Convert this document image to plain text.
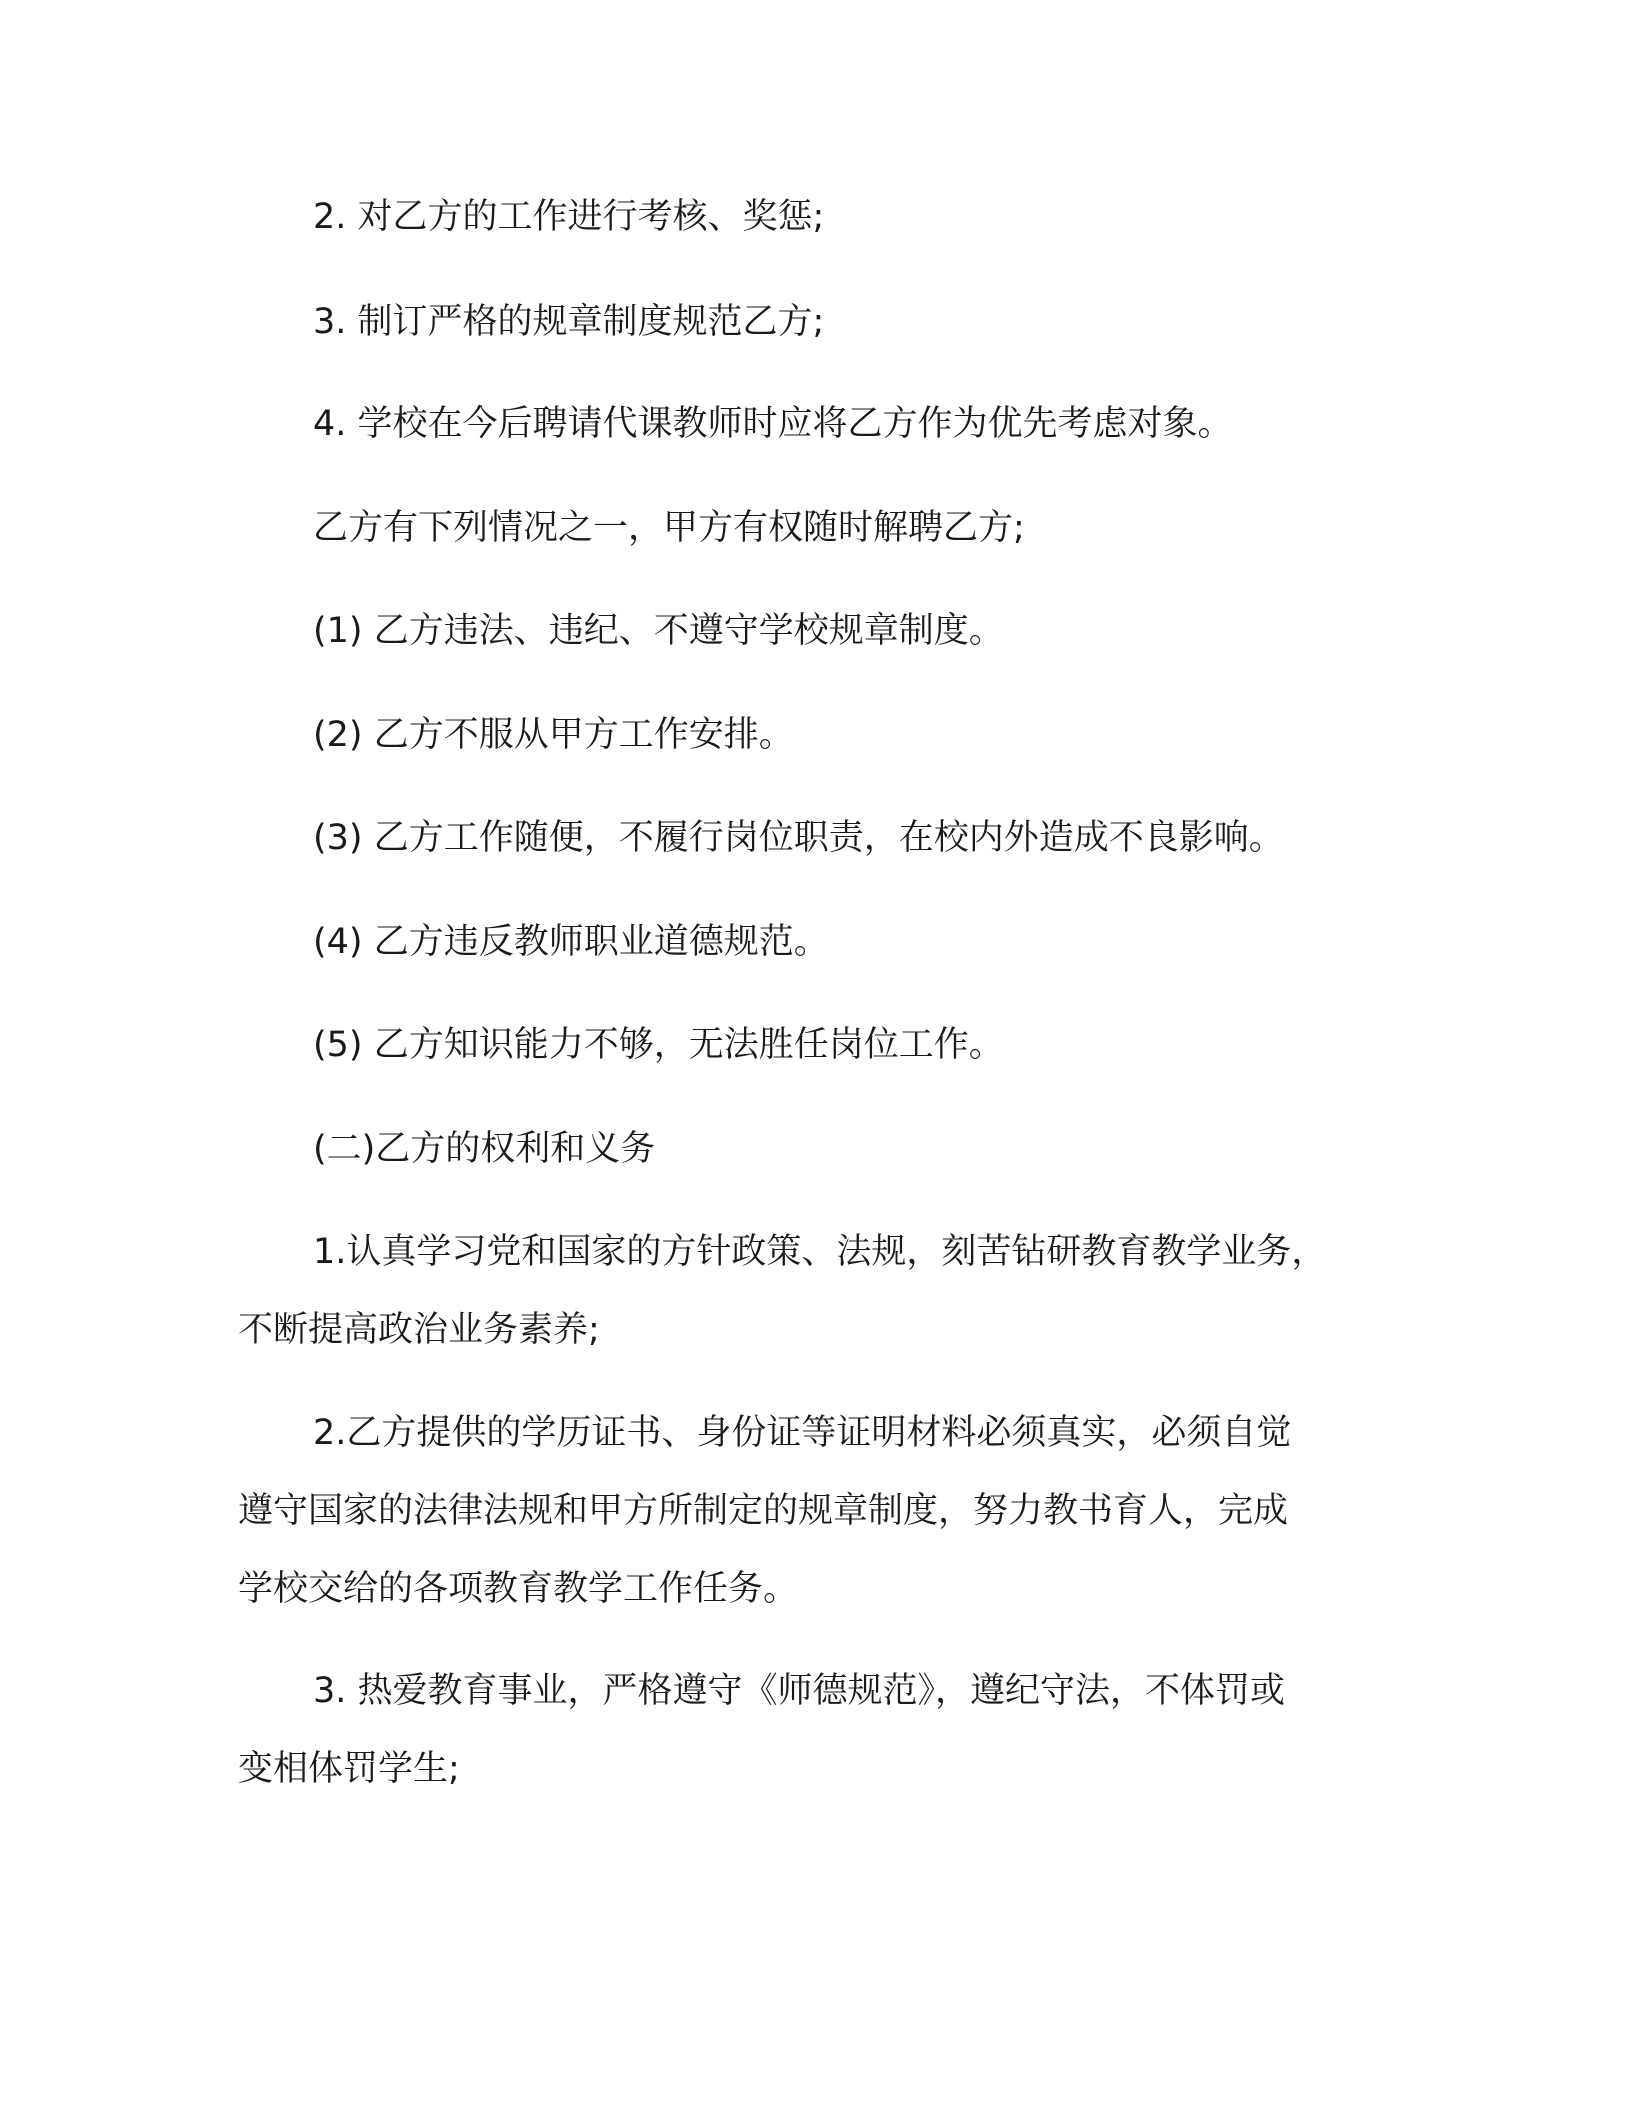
2. 对乙方的工作进行考核、奖惩;

3. 制订严格的规章制度规范乙方;

4. 学校在今后聘请代课教师时应将乙方作为优先考虑对象。

乙方有下列情况之一，甲方有权随时解聘乙方;

(1) 乙方违法、违纪、不遵守学校规章制度。

(2) 乙方不服从甲方工作安排。

(3) 乙方工作随便，不履行岗位职责，在校内外造成不良影响。

(4) 乙方违反教师职业道德规范。

(5) 乙方知识能力不够，无法胜任岗位工作。

(二)乙方的权利和义务

1.认真学习党和国家的方针政策、法规，刻苦钻研教育教学业务，

不断提高政治业务素养;

2.乙方提供的学历证书、身份证等证明材料必须真实，必须自觉

遵守国家的法律法规和甲方所制定的规章制度，努力教书育人，完成

学校交给的各项教育教学工作任务。

3. 热爱教育事业，严格遵守《师德规范》，遵纪守法，不体罚或

变相体罚学生;
